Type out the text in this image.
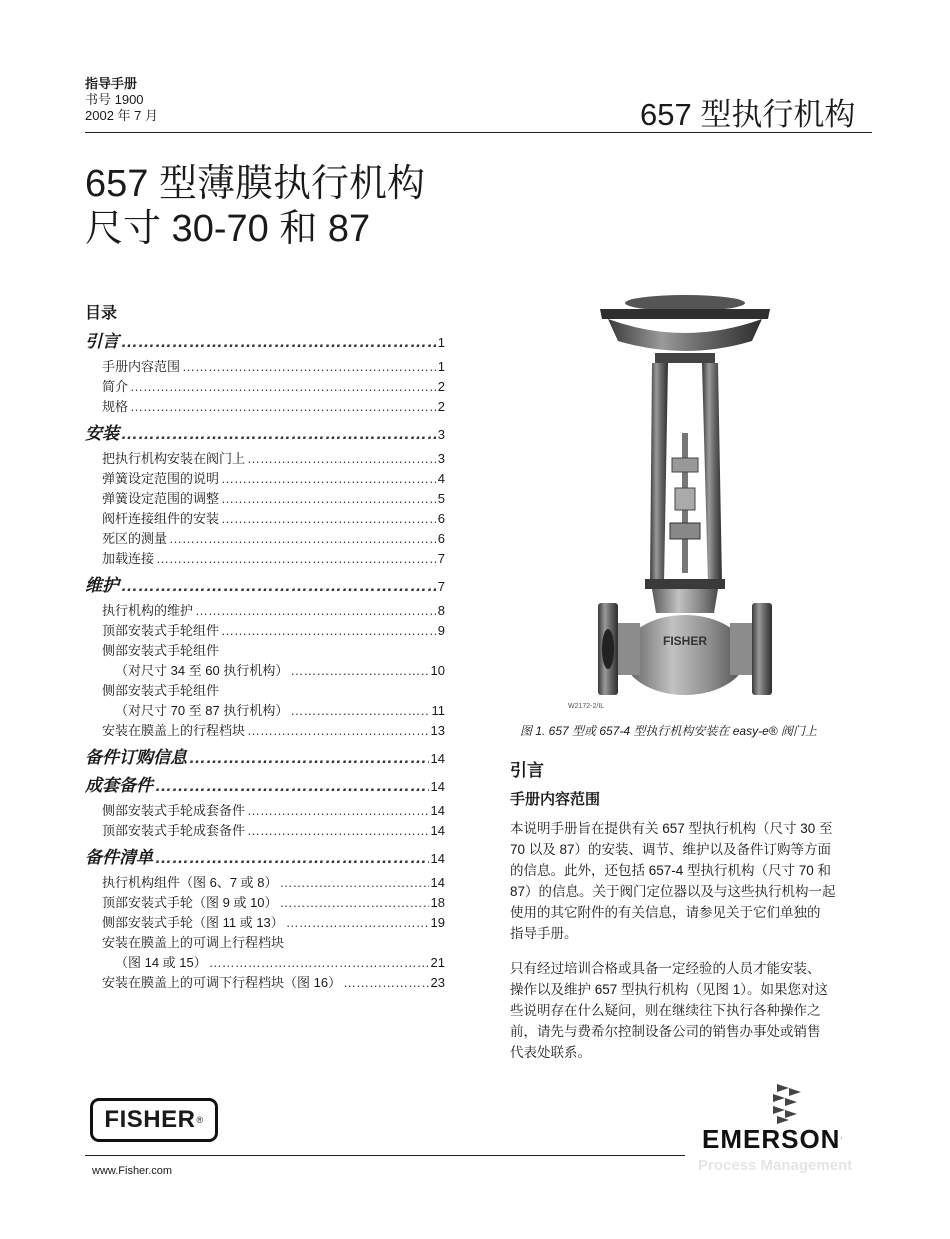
指导手册
书号 1900
2002 年 7 月	657 型执行机构
657 型薄膜执行机构
尺寸 30-70 和 87
目录
引言 ……………………………………………………………………………………………………………………………………………………………………	1
手册内容范围 ……………………………………………………………………………………………………………………………………………………………………	1
简介 ……………………………………………………………………………………………………………………………………………………………………	2
规格 ……………………………………………………………………………………………………………………………………………………………………	2
安装 ……………………………………………………………………………………………………………………………………………………………………	3
把执行机构安装在阀门上 ……………………………………………………………………………………………………………………………………………………………………	3
弹簧设定范围的说明 ……………………………………………………………………………………………………………………………………………………………………	4
弹簧设定范围的调整 ……………………………………………………………………………………………………………………………………………………………………	5
阀杆连接组件的安装 ……………………………………………………………………………………………………………………………………………………………………	6
死区的测量 ……………………………………………………………………………………………………………………………………………………………………	6
加载连接 ……………………………………………………………………………………………………………………………………………………………………	7
维护 ……………………………………………………………………………………………………………………………………………………………………	7
执行机构的维护 ……………………………………………………………………………………………………………………………………………………………………	8
顶部安装式手轮组件 ……………………………………………………………………………………………………………………………………………………………………	9
侧部安装式手轮组件
（对尺寸 34 至 60 执行机构） ……………………………………………………………………………………………………………………………………………………………………	10
侧部安装式手轮组件
（对尺寸 70 至 87 执行机构） ……………………………………………………………………………………………………………………………………………………………………	11
安装在膜盖上的行程档块 ……………………………………………………………………………………………………………………………………………………………………	13
备件订购信息 ……………………………………………………………………………………………………………………………………………………………………	14
成套备件 ……………………………………………………………………………………………………………………………………………………………………	14
侧部安装式手轮成套备件 ……………………………………………………………………………………………………………………………………………………………………	14
顶部安装式手轮成套备件 ……………………………………………………………………………………………………………………………………………………………………	14
备件清单 ……………………………………………………………………………………………………………………………………………………………………	14
执行机构组件（图 6、7 或 8） ……………………………………………………………………………………………………………………………………………………………………	14
顶部安装式手轮（图 9 或 10） ……………………………………………………………………………………………………………………………………………………………………	18
侧部安装式手轮（图 11 或 13） ……………………………………………………………………………………………………………………………………………………………………	19
安装在膜盖上的可调上行程档块
（图 14 或 15） ……………………………………………………………………………………………………………………………………………………………………	21
安装在膜盖上的可调下行程档块（图 16） ……………………………………………………………………………………………………………………………………………………………………	23
FISHER
W2172-2/IL
图 1. 657 型或 657-4 型执行机构安装在 easy-e® 阀门上
引言
手册内容范围
本说明手册旨在提供有关 657 型执行机构（尺寸 30 至
70 以及 87）的安装、调节、维护以及备件订购等方面
的信息。此外，还包括 657-4 型执行机构（尺寸 70 和
87）的信息。关于阀门定位器以及与这些执行机构一起
使用的其它附件的有关信息，请参见关于它们单独的
指导手册。
只有经过培训合格或具备一定经验的人员才能安装、
操作以及维护 657 型执行机构（见图 1）。如果您对这
些说明存在什么疑问，则在继续往下执行各种操作之
前，请先与费希尔控制设备公司的销售办事处或销售
代表处联系。
FISHER ®
www.Fisher.com
EMERSON.
Process Management
